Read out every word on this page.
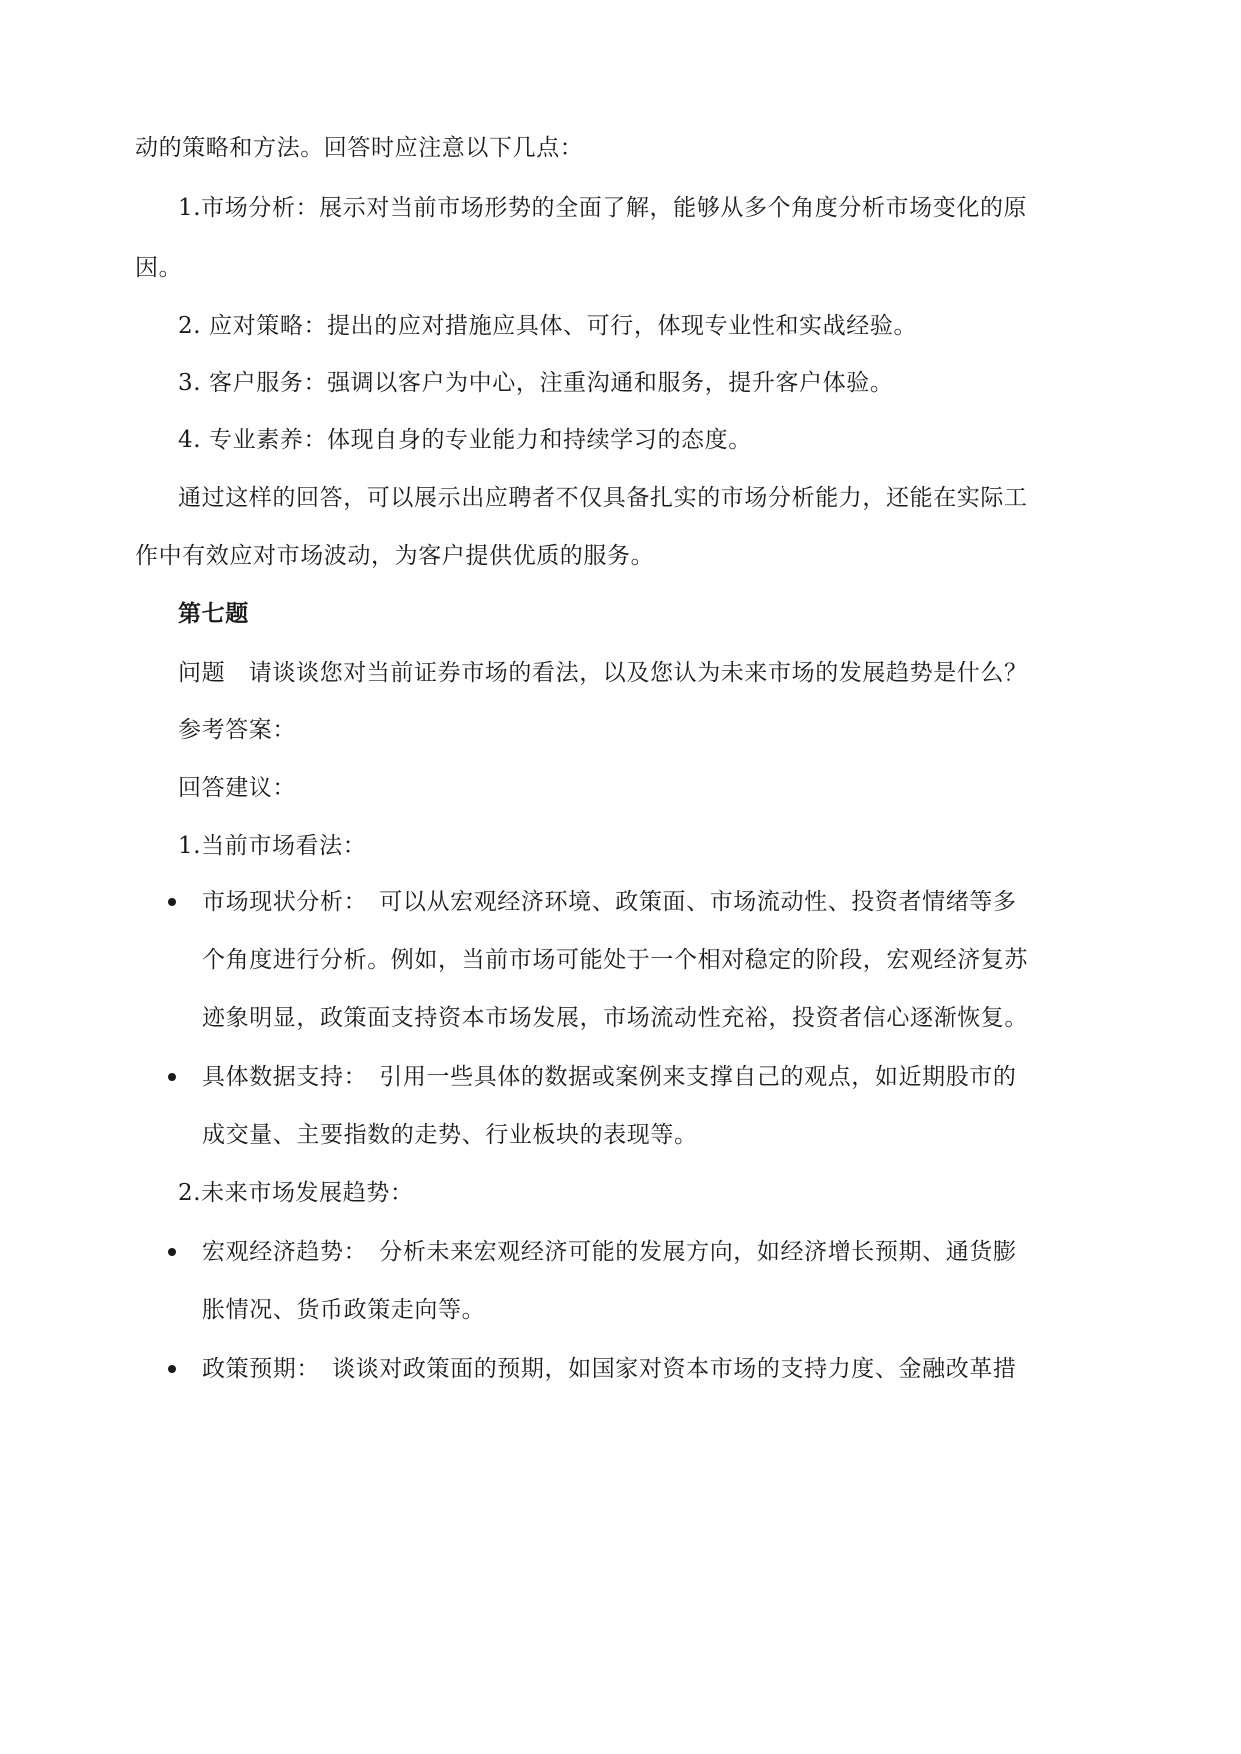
动的策略和方法。回答时应注意以下几点：
1.市场分析：展示对当前市场形势的全面了解，能够从多个角度分析市场变化的原
因。
2. 应对策略：提出的应对措施应具体、可行，体现专业性和实战经验。
3. 客户服务：强调以客户为中心，注重沟通和服务，提升客户体验。
4. 专业素养：体现自身的专业能力和持续学习的态度。
通过这样的回答，可以展示出应聘者不仅具备扎实的市场分析能力，还能在实际工
作中有效应对市场波动，为客户提供优质的服务。
第七题
问题　请谈谈您对当前证券市场的看法，以及您认为未来市场的发展趋势是什么？
参考答案：
回答建议：
1.当前市场看法：
市场现状分析：　可以从宏观经济环境、政策面、市场流动性、投资者情绪等多
个角度进行分析。例如，当前市场可能处于一个相对稳定的阶段，宏观经济复苏
迹象明显，政策面支持资本市场发展，市场流动性充裕，投资者信心逐渐恢复。
具体数据支持：　引用一些具体的数据或案例来支撑自己的观点，如近期股市的
成交量、主要指数的走势、行业板块的表现等。
2.未来市场发展趋势：
宏观经济趋势：　分析未来宏观经济可能的发展方向，如经济增长预期、通货膨
胀情况、货币政策走向等。
政策预期：　谈谈对政策面的预期，如国家对资本市场的支持力度、金融改革措
